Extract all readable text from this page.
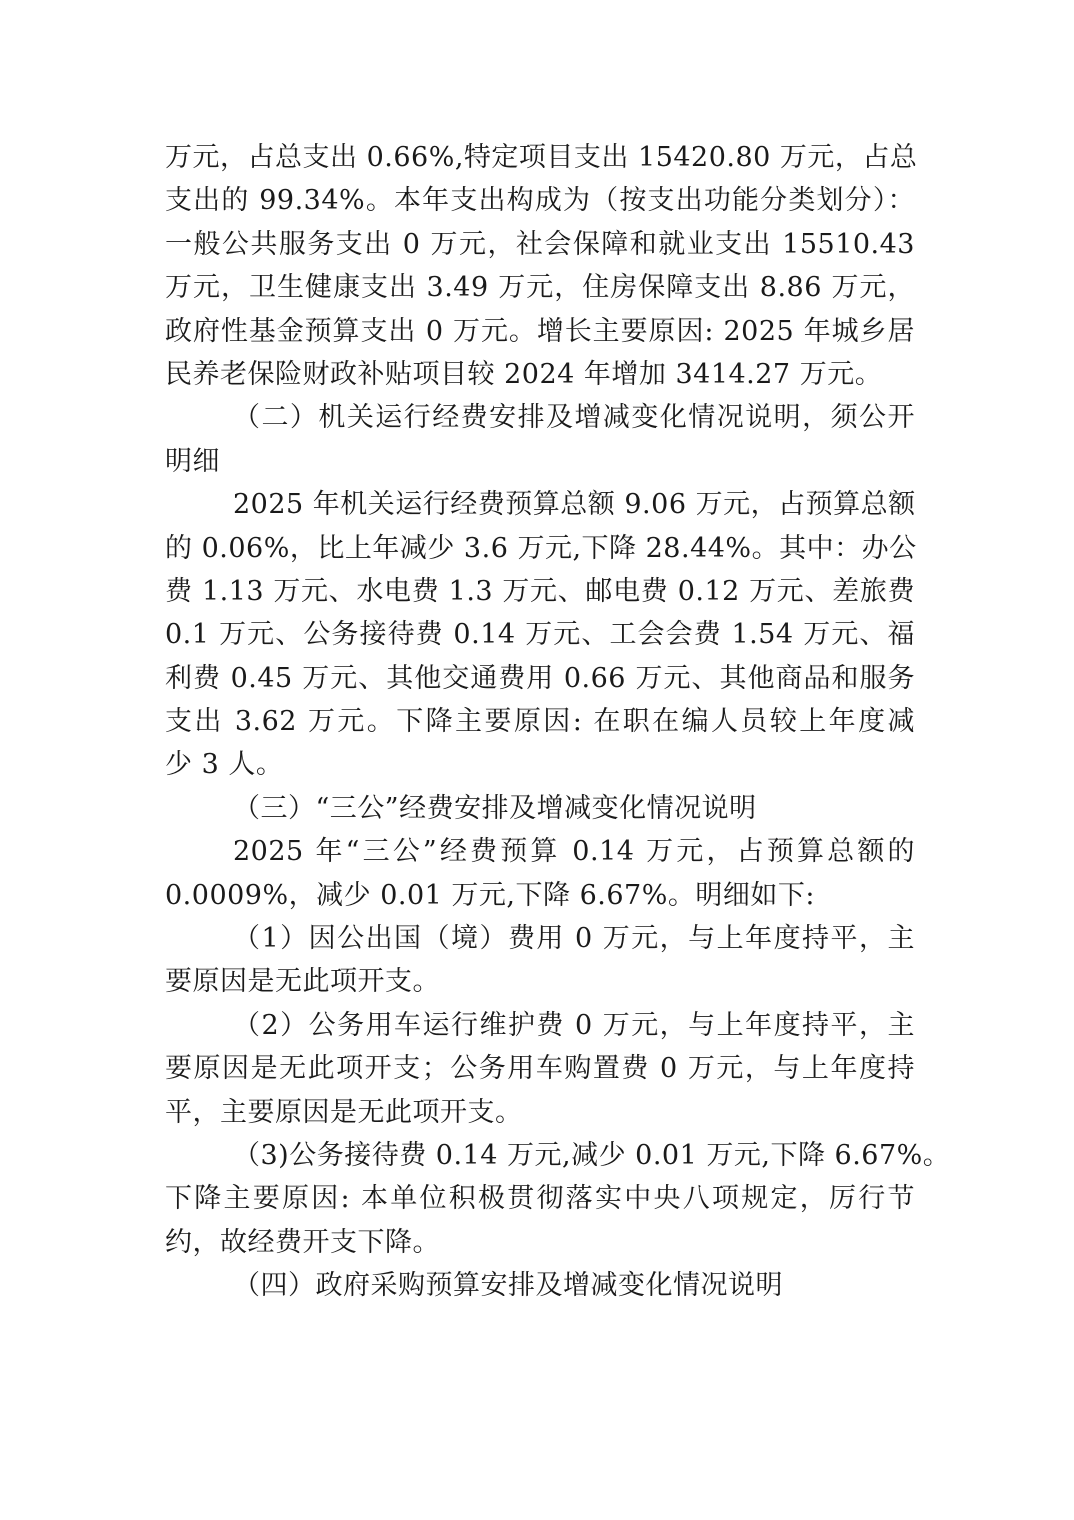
万元，占总支出 0.66%,特定项目支出 15420.80 万元，占总
支出的 99.34%。本年支出构成为（按支出功能分类划分）：
一般公共服务支出 0 万元，社会保障和就业支出 15510.43
万元，卫生健康支出 3.49 万元，住房保障支出 8.86 万元，
政府性基金预算支出 0 万元。增长主要原因: 2025 年城乡居
民养老保险财政补贴项目较 2024 年增加 3414.27 万元。
（二）机关运行经费安排及增减变化情况说明，须公开
明细
2025 年机关运行经费预算总额 9.06 万元，占预算总额
的 0.06%，比上年减少 3.6 万元,下降 28.44%。其中：办公
费 1.13 万元、水电费 1.3 万元、邮电费 0.12 万元、差旅费
0.1 万元、公务接待费 0.14 万元、工会会费 1.54 万元、福
利费 0.45 万元、其他交通费用 0.66 万元、其他商品和服务
支出 3.62 万元。下降主要原因: 在职在编人员较上年度减
少 3 人。
（三）“三公”经费安排及增减变化情况说明
2025 年“三公”经费预算 0.14 万元，占预算总额的
0.0009%，减少 0.01 万元,下降 6.67%。明细如下:
（1）因公出国（境）费用 0 万元，与上年度持平，主
要原因是无此项开支。
（2）公务用车运行维护费 0 万元，与上年度持平，主
要原因是无此项开支；公务用车购置费 0 万元，与上年度持
平，主要原因是无此项开支。
（3)公务接待费 0.14 万元,减少 0.01 万元,下降 6.67%。
下降主要原因: 本单位积极贯彻落实中央八项规定，厉行节
约，故经费开支下降。
（四）政府采购预算安排及增减变化情况说明
